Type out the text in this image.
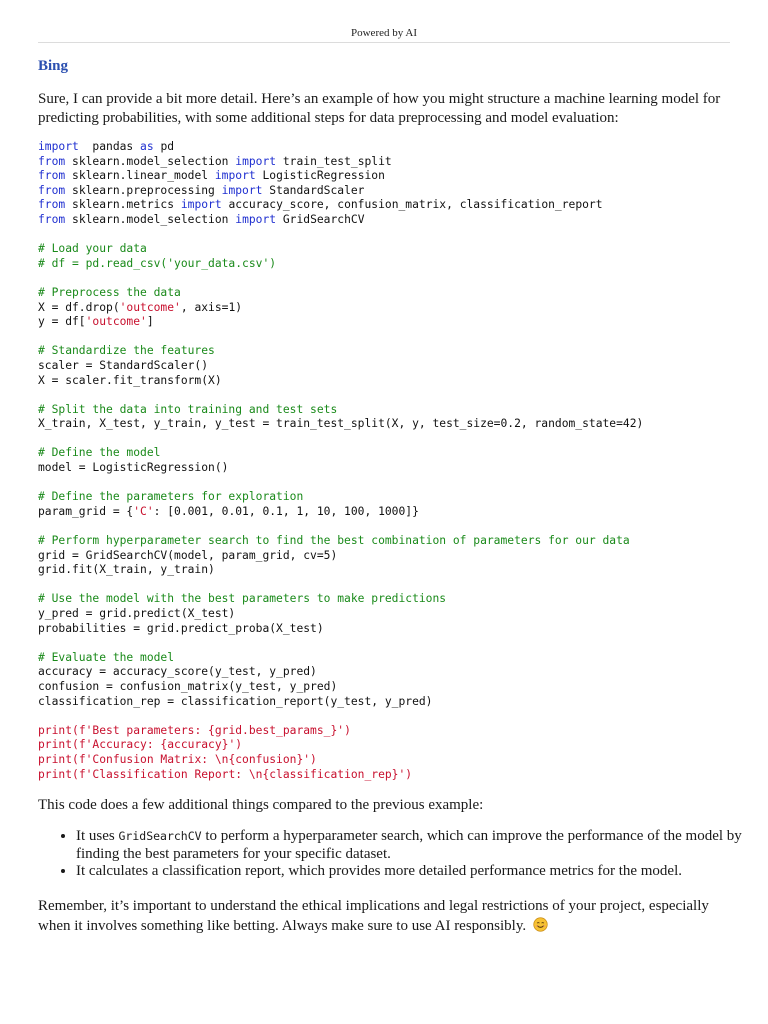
Powered by AI
Bing

Sure, I can provide a bit more detail. Here’s an example of how you might structure a machine learning model for predicting probabilities, with some additional steps for data preprocessing and model evaluation:

import  pandas as pd
from sklearn.model_selection import train_test_split
from sklearn.linear_model import LogisticRegression
from sklearn.preprocessing import StandardScaler
from sklearn.metrics import accuracy_score, confusion_matrix, classification_report
from sklearn.model_selection import GridSearchCV

# Load your data
# df = pd.read_csv('your_data.csv')

# Preprocess the data
X = df.drop('outcome', axis=1)
y = df['outcome']

# Standardize the features
scaler = StandardScaler()
X = scaler.fit_transform(X)

# Split the data into training and test sets
X_train, X_test, y_train, y_test = train_test_split(X, y, test_size=0.2, random_state=42)

# Define the model
model = LogisticRegression()

# Define the parameters for exploration
param_grid = {'C': [0.001, 0.01, 0.1, 1, 10, 100, 1000]}

# Perform hyperparameter search to find the best combination of parameters for our data
grid = GridSearchCV(model, param_grid, cv=5)
grid.fit(X_train, y_train)

# Use the model with the best parameters to make predictions
y_pred = grid.predict(X_test)
probabilities = grid.predict_proba(X_test)

# Evaluate the model
accuracy = accuracy_score(y_test, y_pred)
confusion = confusion_matrix(y_test, y_pred)
classification_rep = classification_report(y_test, y_pred)

print(f'Best parameters: {grid.best_params_}')
print(f'Accuracy: {accuracy}')
print(f'Confusion Matrix: \n{confusion}')
print(f'Classification Report: \n{classification_rep}')

This code does a few additional things compared to the previous example:

• It uses GridSearchCV to perform a hyperparameter search, which can improve the performance of the model by finding the best parameters for your specific dataset.
• It calculates a classification report, which provides more detailed performance metrics for the model.

Remember, it’s important to understand the ethical implications and legal restrictions of your project, especially when it involves something like betting. Always make sure to use AI responsibly.
